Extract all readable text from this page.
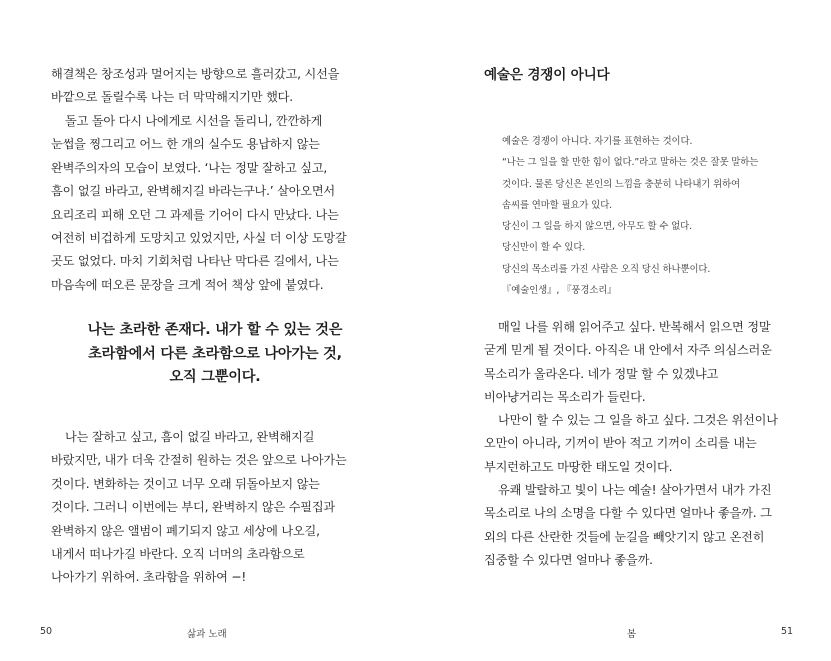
해결책은 창조성과 멀어지는 방향으로 흘러갔고, 시선을
바깥으로 돌릴수록 나는 더 막막해지기만 했다.
돌고 돌아 다시 나에게로 시선을 돌리니, 깐깐하게
눈썹을 찡그리고 어느 한 개의 실수도 용납하지 않는
완벽주의자의 모습이 보였다. ‘나는 정말 잘하고 싶고,
흠이 없길 바라고, 완벽해지길 바라는구나.’ 살아오면서
요리조리 피해 오던 그 과제를 기어이 다시 만났다. 나는
여전히 비겁하게 도망치고 있었지만, 사실 더 이상 도망갈
곳도 없었다. 마치 기회처럼 나타난 막다른 길에서, 나는
마음속에 떠오른 문장을 크게 적어 책상 앞에 붙였다.
나는 초라한 존재다. 내가 할 수 있는 것은
초라함에서 다른 초라함으로 나아가는 것,
오직 그뿐이다.
나는 잘하고 싶고, 흠이 없길 바라고, 완벽해지길
바랐지만, 내가 더욱 간절히 원하는 것은 앞으로 나아가는
것이다. 변화하는 것이고 너무 오래 뒤돌아보지 않는
것이다. 그러니 이번에는 부디, 완벽하지 않은 수필집과
완벽하지 않은 앨범이 폐기되지 않고 세상에 나오길,
내게서 떠나가길 바란다. 오직 너머의 초라함으로
나아가기 위하여. 초라함을 위하여 −!
50	삶과 노래
예술은 경쟁이 아니다
예술은 경쟁이 아니다. 자기를 표현하는 것이다.
“나는 그 일을 할 만한 힘이 없다.”라고 말하는 것은 잘못 말하는
것이다. 물론 당신은 본인의 느낌을 충분히 나타내기 위하여
솜씨를 연마할 필요가 있다.
당신이 그 일을 하지 않으면, 아무도 할 수 없다.
당신만이 할 수 있다.
당신의 목소리를 가진 사람은 오직 당신 하나뿐이다.
『예술인생』, 『풍경소리』
매일 나를 위해 읽어주고 싶다. 반복해서 읽으면 정말
굳게 믿게 될 것이다. 아직은 내 안에서 자주 의심스러운
목소리가 올라온다. 네가 정말 할 수 있겠냐고
비아냥거리는 목소리가 들린다.
나만이 할 수 있는 그 일을 하고 싶다. 그것은 위선이나
오만이 아니라, 기꺼이 받아 적고 기꺼이 소리를 내는
부지런하고도 마땅한 태도일 것이다.
유쾌 발랄하고 빛이 나는 예술! 살아가면서 내가 가진
목소리로 나의 소명을 다할 수 있다면 얼마나 좋을까. 그
외의 다른 산란한 것들에 눈길을 빼앗기지 않고 온전히
집중할 수 있다면 얼마나 좋을까.
봄	51
